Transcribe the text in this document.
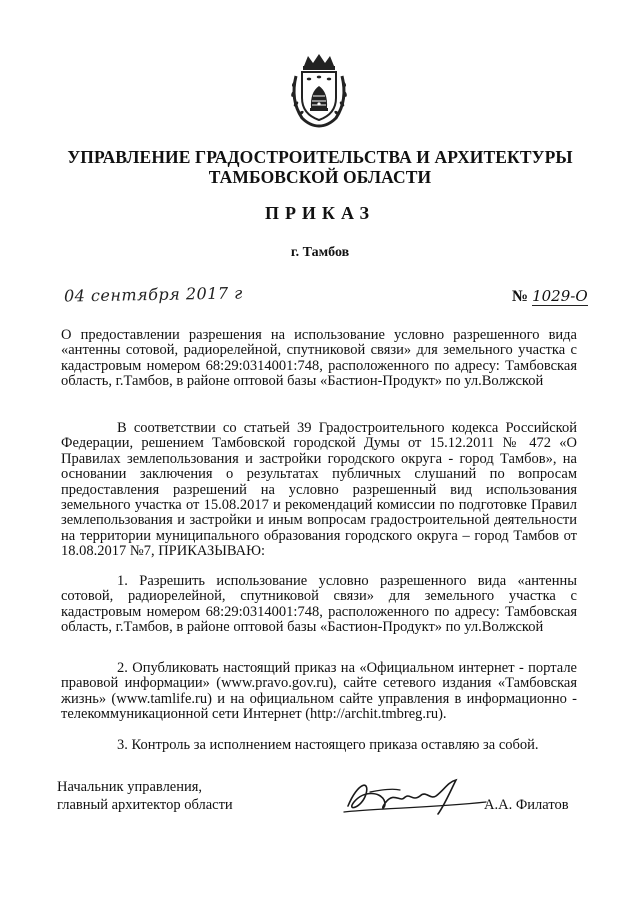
УПРАВЛЕНИЕ ГРАДОСТРОИТЕЛЬСТВА И АРХИТЕКТУРЫ
ТАМБОВСКОЙ ОБЛАСТИ
ПРИКАЗ
г. Тамбов
04 сентября 2017 г	№ 1029-О
О предоставлении разрешения на использование условно разрешенного вида «антенны сотовой, радиорелейной, спутниковой связи» для земельного участка с кадастровым номером 68:29:0314001:748, расположенного по адресу: Тамбовская область, г.Тамбов, в районе оптовой базы «Бастион-Продукт» по ул.Волжской
В соответствии со статьей 39 Градостроительного кодекса Российской Федерации, решением Тамбовской городской Думы от 15.12.2011 № 472 «О Правилах землепользования и застройки городского округа - город Тамбов», на основании заключения о результатах публичных слушаний по вопросам предоставления разрешений на условно разрешенный вид использования земельного участка от 15.08.2017 и рекомендаций комиссии по подготовке Правил землепользования и застройки и иным вопросам градостроительной деятельности на территории муниципального образования городского округа – город Тамбов от 18.08.2017 №7, ПРИКАЗЫВАЮ:
1. Разрешить использование условно разрешенного вида «антенны сотовой, радиорелейной, спутниковой связи» для земельного участка с кадастровым номером 68:29:0314001:748, расположенного по адресу: Тамбовская область, г.Тамбов, в районе оптовой базы «Бастион-Продукт» по ул.Волжской
2. Опубликовать настоящий приказ на «Официальном интернет - портале правовой информации» (www.pravo.gov.ru), сайте сетевого издания «Тамбовская жизнь» (www.tamlife.ru) и на официальном сайте управления в информационно - телекоммуникационной сети Интернет (http://archit.tmbreg.ru).
3. Контроль за исполнением настоящего приказа оставляю за собой.
Начальник управления,
главный архитектор области	А.А. Филатов
